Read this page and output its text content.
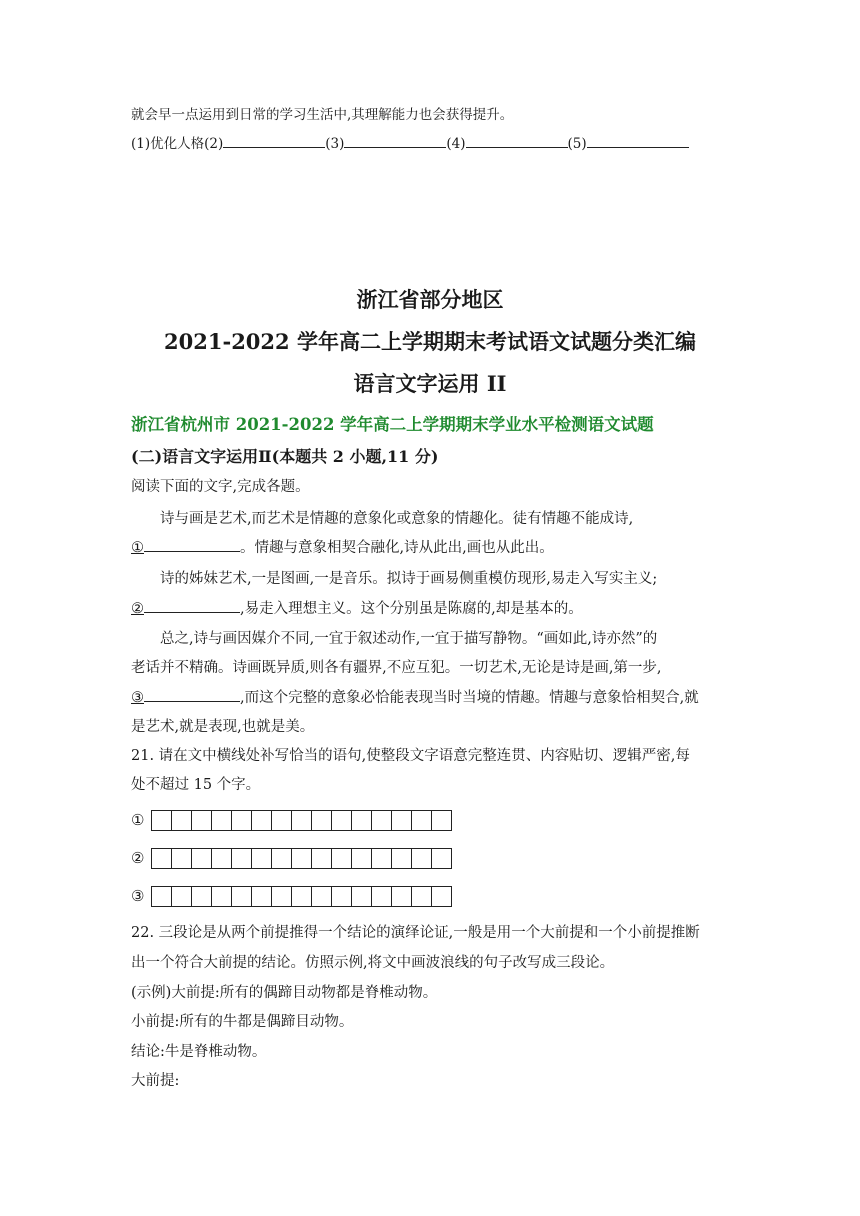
就会早一点运用到日常的学习生活中,其理解能力也会获得提升。
(1)优化人格(2)	(3)	(4)	(5)
浙江省部分地区
2021-2022 学年高二上学期期末考试语文试题分类汇编
语言文字运用 II
浙江省杭州市 2021-2022 学年高二上学期期末学业水平检测语文试题
(二)语言文字运用Ⅱ(本题共 2 小题,11 分)
阅读下面的文字,完成各题。
诗与画是艺术,而艺术是情趣的意象化或意象的情趣化。徒有情趣不能成诗,
①	。情趣与意象相契合融化,诗从此出,画也从此出。
诗的姊妹艺术,一是图画,一是音乐。拟诗于画易侧重模仿现形,易走入写实主义;
②	,易走入理想主义。这个分别虽是陈腐的,却是基本的。
总之,诗与画因媒介不同,一宜于叙述动作,一宜于描写静物。“画如此,诗亦然”的
老话并不精确。诗画既异质,则各有疆界,不应互犯。一切艺术,无论是诗是画,第一步,
③	,而这个完整的意象必恰能表现当时当境的情趣。情趣与意象恰相契合,就
是艺术,就是表现,也就是美。
21. 请在文中横线处补写恰当的语句,使整段文字语意完整连贯、内容贴切、逻辑严密,每
处不超过 15 个字。
①
②
③
22. 三段论是从两个前提推得一个结论的演绎论证,一般是用一个大前提和一个小前提推断
出一个符合大前提的结论。仿照示例,将文中画波浪线的句子改写成三段论。
(示例)大前提:所有的偶蹄目动物都是脊椎动物。
小前提:所有的牛都是偶蹄目动物。
结论:牛是脊椎动物。
大前提:
